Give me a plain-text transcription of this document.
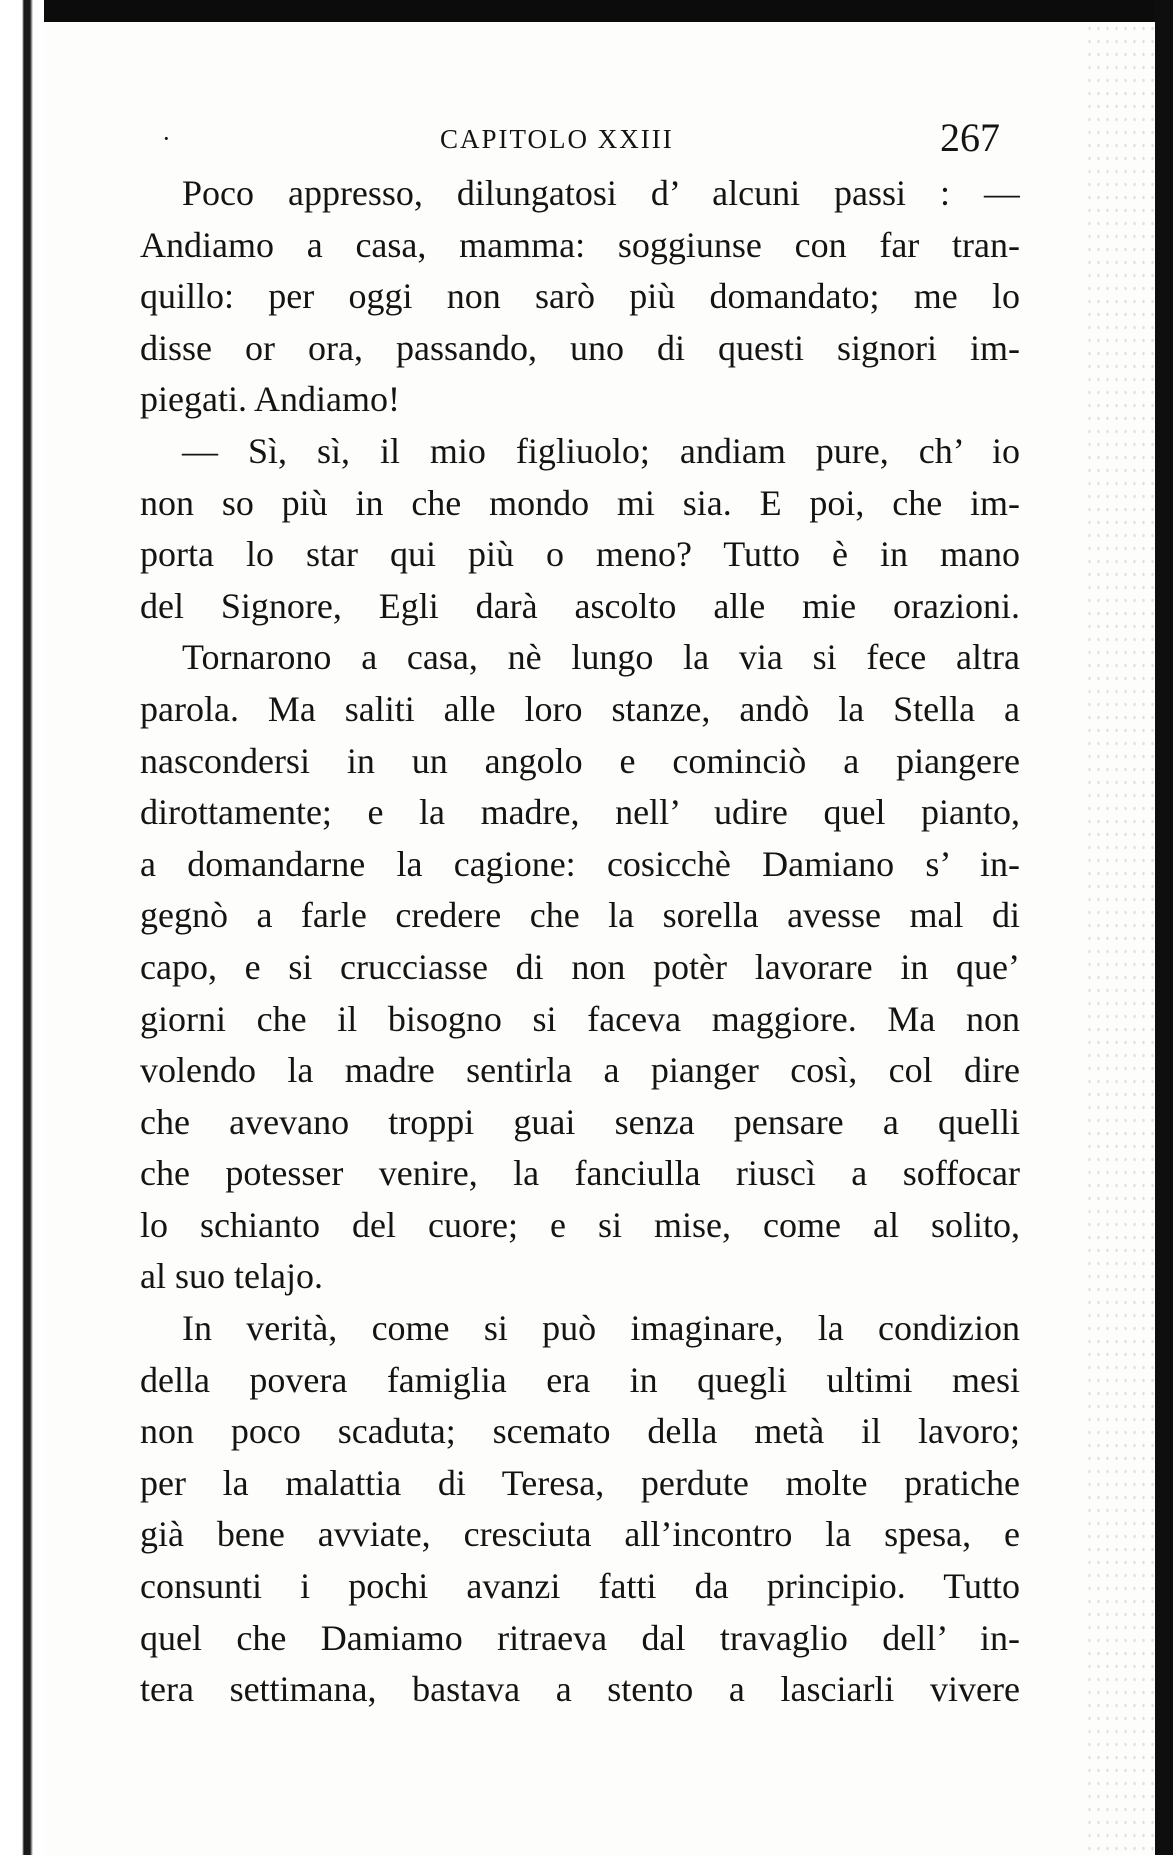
·	CAPITOLO XXIII	267
Poco appresso, dilungatosi d’ alcuni passi : —
Andiamo a casa, mamma: soggiunse con far tran-
quillo: per oggi non sarò più domandato; me lo
disse or ora, passando, uno di questi signori im-
piegati. Andiamo!
— Sì, sì, il mio figliuolo; andiam pure, ch’ io
non so più in che mondo mi sia. E poi, che im-
porta lo star qui più o meno? Tutto è in mano
del Signore, Egli darà ascolto alle mie orazioni.
Tornarono a casa, nè lungo la via si fece altra
parola. Ma saliti alle loro stanze, andò la Stella a
nascondersi in un angolo e cominciò a piangere
dirottamente; e la madre, nell’ udire quel pianto,
a domandarne la cagione: cosicchè Damiano s’ in-
gegnò a farle credere che la sorella avesse mal di
capo, e si crucciasse di non potèr lavorare in que’
giorni che il bisogno si faceva maggiore. Ma non
volendo la madre sentirla a pianger così, col dire
che avevano troppi guai senza pensare a quelli
che potesser venire, la fanciulla riuscì a soffocar
lo schianto del cuore; e si mise, come al solito,
al suo telajo.
In verità, come si può imaginare, la condizion
della povera famiglia era in quegli ultimi mesi
non poco scaduta; scemato della metà il lavoro;
per la malattia di Teresa, perdute molte pratiche
già bene avviate, cresciuta all’incontro la spesa, e
consunti i pochi avanzi fatti da principio. Tutto
quel che Damiamo ritraeva dal travaglio dell’ in-
tera settimana, bastava a stento a lasciarli vivere
